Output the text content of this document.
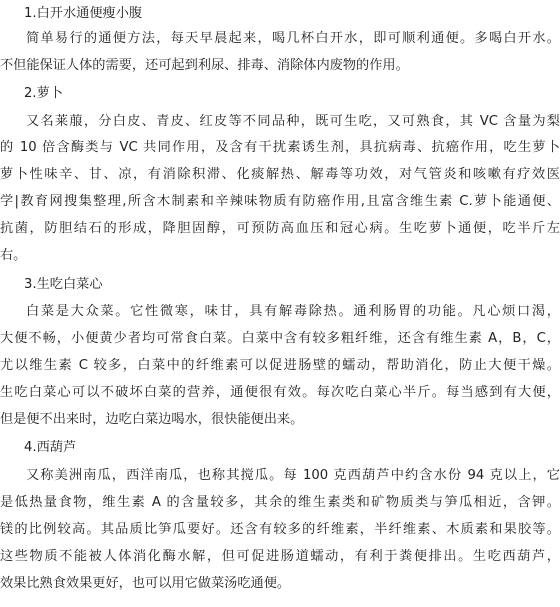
1.白开水通便瘦小腹
简单易行的通便方法，每天早晨起来，喝几杯白开水，即可顺利通便。多喝白开水。
不但能保证人体的需要，还可起到利尿、排毒、消除体内废物的作用。
2.萝卜
又名莱菔，分白皮、青皮、红皮等不同品种，既可生吃，又可熟食，其 VC 含量为梨
的 10 倍含酶类与 VC 共同作用，及含有干扰素诱生剂，具抗病毒、抗癌作用，吃生萝卜
萝卜性味辛、甘、凉，有消除积滞、化痰解热、解毒等功效，对气管炎和咳嗽有疗效医
学|教育网搜集整理,所含木制素和辛辣味物质有防癌作用,且富含维生素 C.萝卜能通便、
抗菌，防胆结石的形成，降胆固醇，可预防高血压和冠心病。生吃萝卜通便，吃半斤左
右。
3.生吃白菜心
白菜是大众菜。它性微寒，味甘，具有解毒除热。通利肠胃的功能。凡心烦口渴，
大便不畅，小便黄少者均可常食白菜。白菜中含有较多粗纤维，还含有维生素 A，B，C，
尤以维生素 C 较多，白菜中的纤维素可以促进肠壁的蠕动，帮助消化，防止大便干燥。
生吃白菜心可以不破坏白菜的营养，通便很有效。每次吃白菜心半斤。每当感到有大便，
但是便不出来时，边吃白菜边喝水，很快能便出来。
4.西葫芦
又称美洲南瓜，西洋南瓜，也称其搅瓜。每 100 克西葫芦中约含水份 94 克以上，它
是低热量食物，维生素 A 的含量较多，其余的维生素类和矿物质类与笋瓜相近，含钾。
镁的比例较高。其品质比笋瓜要好。还含有较多的纤维素，半纤维素、木质素和果胶等。
这些物质不能被人体消化酶水解，但可促进肠道蠕动，有利于粪便排出。生吃西葫芦，
效果比熟食效果更好，也可以用它做菜汤吃通便。
